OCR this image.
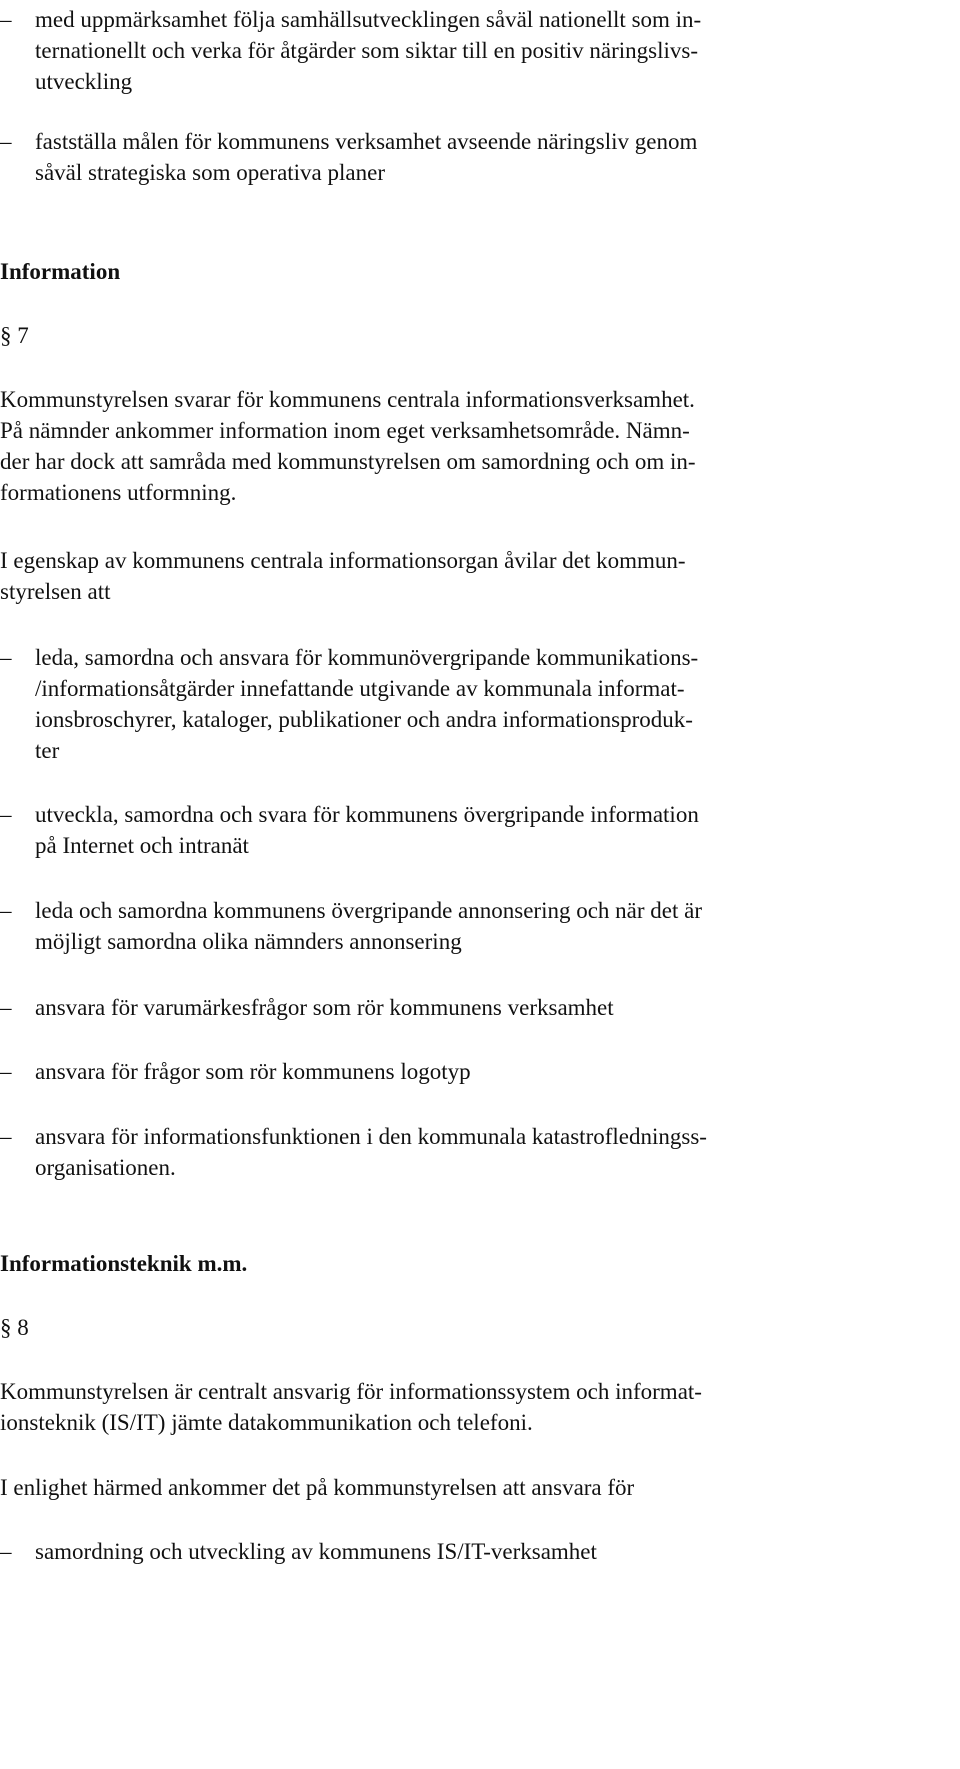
– med uppmärksamhet följa samhällsutvecklingen såväl nationellt som in-
ternationellt och verka för åtgärder som siktar till en positiv näringslivs-
utveckling
– fastställa målen för kommunens verksamhet avseende näringsliv genom
såväl strategiska som operativa planer
Information
§ 7
Kommunstyrelsen svarar för kommunens centrala informationsverksamhet.
På nämnder ankommer information inom eget verksamhetsområde. Nämn-
der har dock att samråda med kommunstyrelsen om samordning och om in-
formationens utformning.
I egenskap av kommunens centrala informationsorgan åvilar det kommun-
styrelsen att
– leda, samordna och ansvara för kommunövergripande kommunikations-
/informationsåtgärder innefattande utgivande av kommunala informat-
ionsbroschyrer, kataloger, publikationer och andra informationsproduk-
ter
– utveckla, samordna och svara för kommunens övergripande information
på Internet och intranät
– leda och samordna kommunens övergripande annonsering och när det är
möjligt samordna olika nämnders annonsering
– ansvara för varumärkesfrågor som rör kommunens verksamhet
– ansvara för frågor som rör kommunens logotyp
– ansvara för informationsfunktionen i den kommunala katastrofledningss-
organisationen.
Informationsteknik m.m.
§ 8
Kommunstyrelsen är centralt ansvarig för informationssystem och informat-
ionsteknik (IS/IT) jämte datakommunikation och telefoni.
I enlighet härmed ankommer det på kommunstyrelsen att ansvara för
– samordning och utveckling av kommunens IS/IT-verksamhet
